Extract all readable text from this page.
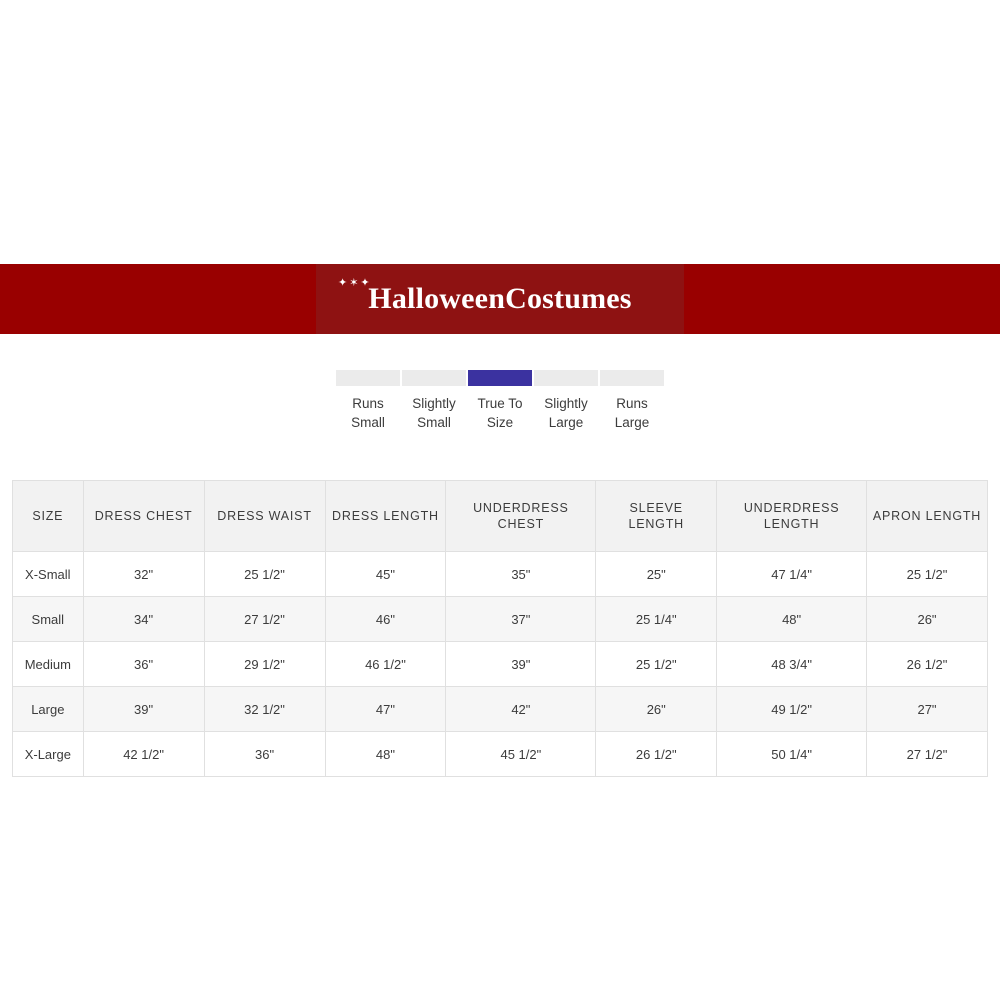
✦✶✦
HalloweenCostumes
Runs Small
Slightly Small
True To Size
Slightly Large
Runs Large
SIZE	DRESS CHEST	DRESS WAIST	DRESS LENGTH	UNDERDRESS CHEST	SLEEVE LENGTH	UNDERDRESS LENGTH	APRON LENGTH
X-Small	32"	25 1/2"	45"	35"	25"	47 1/4"	25 1/2"
Small	34"	27 1/2"	46"	37"	25 1/4"	48"	26"
Medium	36"	29 1/2"	46 1/2"	39"	25 1/2"	48 3/4"	26 1/2"
Large	39"	32 1/2"	47"	42"	26"	49 1/2"	27"
X-Large	42 1/2"	36"	48"	45 1/2"	26 1/2"	50 1/4"	27 1/2"
